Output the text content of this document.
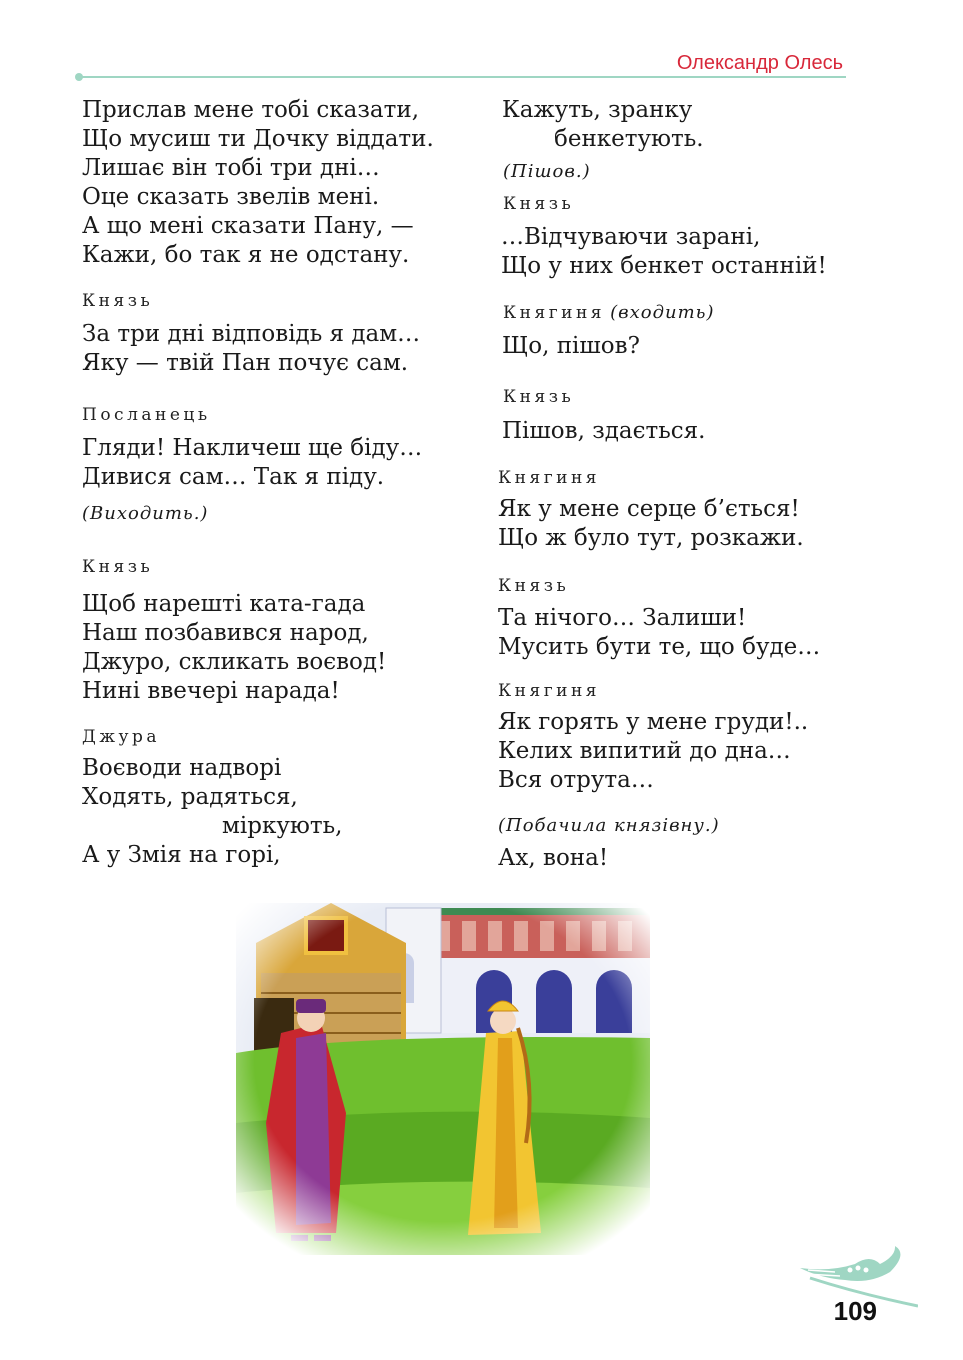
Олександр Олесь
Прислав мене тобі сказати,
Що мусиш ти Дочку віддати.
Лишає він тобі три дні…
Оце сказать звелів мені.
А що мені сказати Пану, —
Кажи, бо так я не одстану.
Князь
За три дні відповідь я дам…
Яку — твій Пан почує сам.
Посланець
Гляди! Накличеш ще біду…
Дивися сам… Так я піду.
(Виходить.)
Князь
Щоб нарешті ката-гада
Наш позбавився народ,
Джуро, скликать воєвод!
Нині ввечері нарада!
Джура
Воєводи надворі
Ходять, радяться,
міркують,
А у Змія на горі,
Кажуть, зранку
бенкетують.
(Пішов.)
Князь
…Відчуваючи зарані,
Що у них бенкет останній!
Княгиня (входить)
Що, пішов?
Князь
Пішов, здається.
Княгиня
Як у мене серце б’ється!
Що ж було тут, розкажи.
Князь
Та нічого… Залиши!
Мусить бути те, що буде…
Княгиня
Як горять у мене груди!..
Келих випитий до дна…
Вся отрута…
(Побачила князівну.)
Ах, вона!
109
